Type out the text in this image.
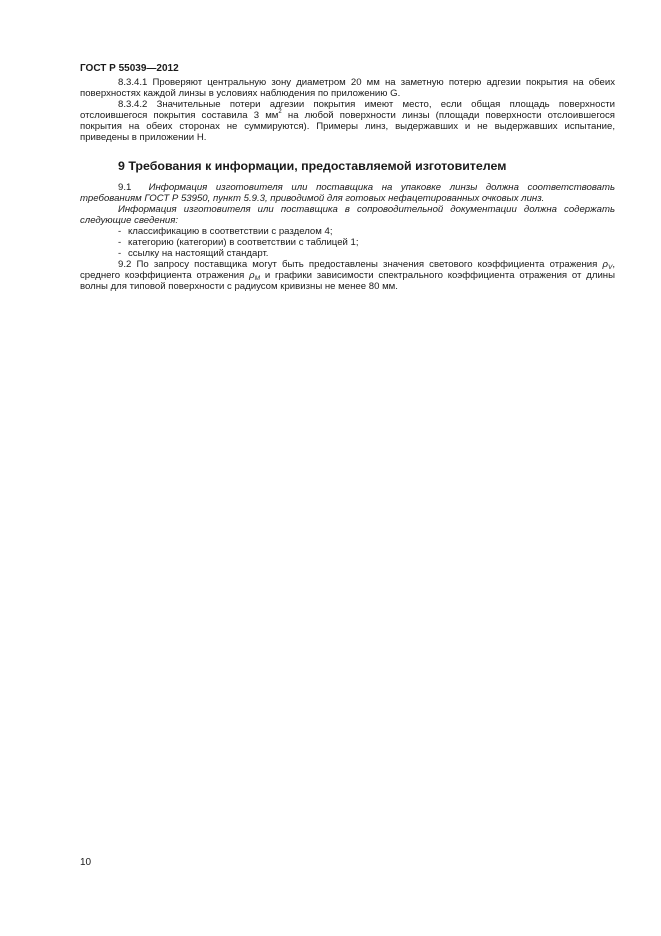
ГОСТ Р 55039—2012

8.3.4.1 Проверяют центральную зону диаметром 20 мм на заметную потерю адгезии покрытия на обеих поверхностях каждой линзы в условиях наблюдения по приложению G.

8.3.4.2 Значительные потери адгезии покрытия имеют место, если общая площадь поверхности отслоившегося покрытия составила 3 $мм^2$ на любой поверхности линзы (площади поверхности отслоившегося покрытия на обеих сторонах не суммируются). Примеры линз, выдержавших и не выдержавших испытание, приведены в приложении H.

9 Требования к информации, предоставляемой изготовителем

9.1 Информация изготовителя или поставщика на упаковке линзы должна соответствовать требованиям ГОСТ Р 53950, пункт 5.9.3, приводимой для готовых нефацетированных очковых линз.

Информация изготовителя или поставщика в сопроводительной документации должна содержать следующие сведения:

- классификацию в соответствии с разделом 4;
- категорию (категории) в соответствии с таблицей 1;
- ссылку на настоящий стандарт.

9.2 По запросу поставщика могут быть предоставлены значения светового коэффициента отражения $\rho_V$, среднего коэффициента отражения $\rho_M$ и графики зависимости спектрального коэффициента отражения от длины волны для типовой поверхности с радиусом кривизны не менее 80 мм.

10
